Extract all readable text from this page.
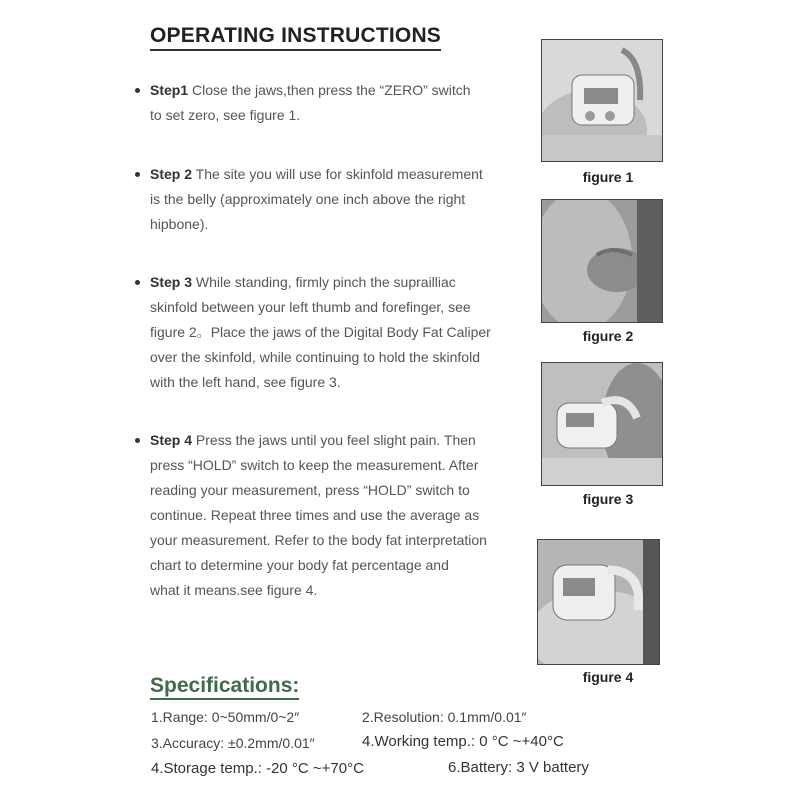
OPERATING INSTRUCTIONS
Step1 Close the jaws,then press the “ZERO” switch
to set zero, see figure 1.
Step 2 The site you will use for skinfold measurement
is the belly (approximately one inch above the right
hipbone).
Step 3 While standing, firmly pinch the suprailliac
skinfold between your left thumb and forefinger, see
figure 2。Place the jaws of the Digital Body Fat Caliper
over the skinfold, while continuing to hold the skinfold
with the left hand, see figure 3.
Step 4 Press the jaws until you feel slight pain. Then
press “HOLD” switch to keep the measurement. After
reading your measurement, press “HOLD” switch to
continue. Repeat three times and use the average as
your measurement. Refer to the body fat interpretation
chart to determine your body fat percentage and
what it means.see figure 4.
figure 1
figure 2
figure 3
figure 4
Specifications:
1.Range: 0~50mm/0~2″	2.Resolution: 0.1mm/0.01″
3.Accuracy: ±0.2mm/0.01″	4.Working temp.: 0 °C ~+40°C
4.Storage temp.: -20 °C ~+70°C	6.Battery: 3 V battery
